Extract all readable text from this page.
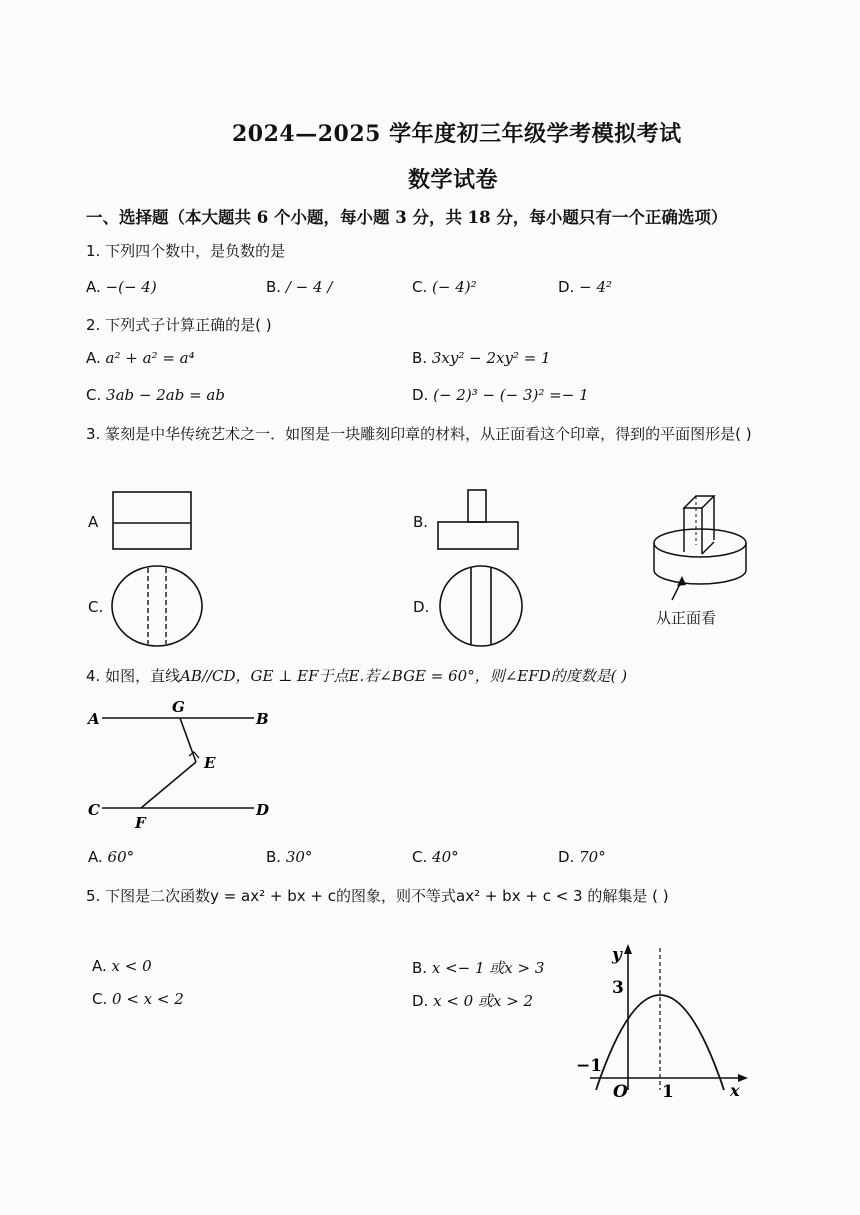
2024—2025 学年度初三年级学考模拟考试
数学试卷
一、选择题（本大题共 6 个小题，每小题 3 分，共 18 分，每小题只有一个正确选项）
1. 下列四个数中，是负数的是
A. −(− 4)	B. / − 4 /	C. (− 4)²	D. − 4²
2. 下列式子计算正确的是( )
A. a² + a² = a⁴	B. 3xy² − 2xy² = 1
C. 3ab − 2ab = ab	D. (− 2)³ − (− 3)² =− 1
3. 篆刻是中华传统艺术之一．如图是一块雕刻印章的材料，从正面看这个印章，得到的平面图形是( )
A	B.
从正面看
C.	D.
4. 如图，直线AB//CD，GE ⊥ EF于点E.若∠BGE = 60°，则∠EFD的度数是( )
A	B
C	D
G
E
F
A. 60°	B. 30°	C. 40°	D. 70°
5. 下图是二次函数y = ax² + bx + c的图象，则不等式ax² + bx + c < 3 的解集是 ( )
A. x < 0	B. x <− 1 或x > 3
C. 0 < x < 2	D. x < 0 或x > 2
y
x
3
−1
O 1
